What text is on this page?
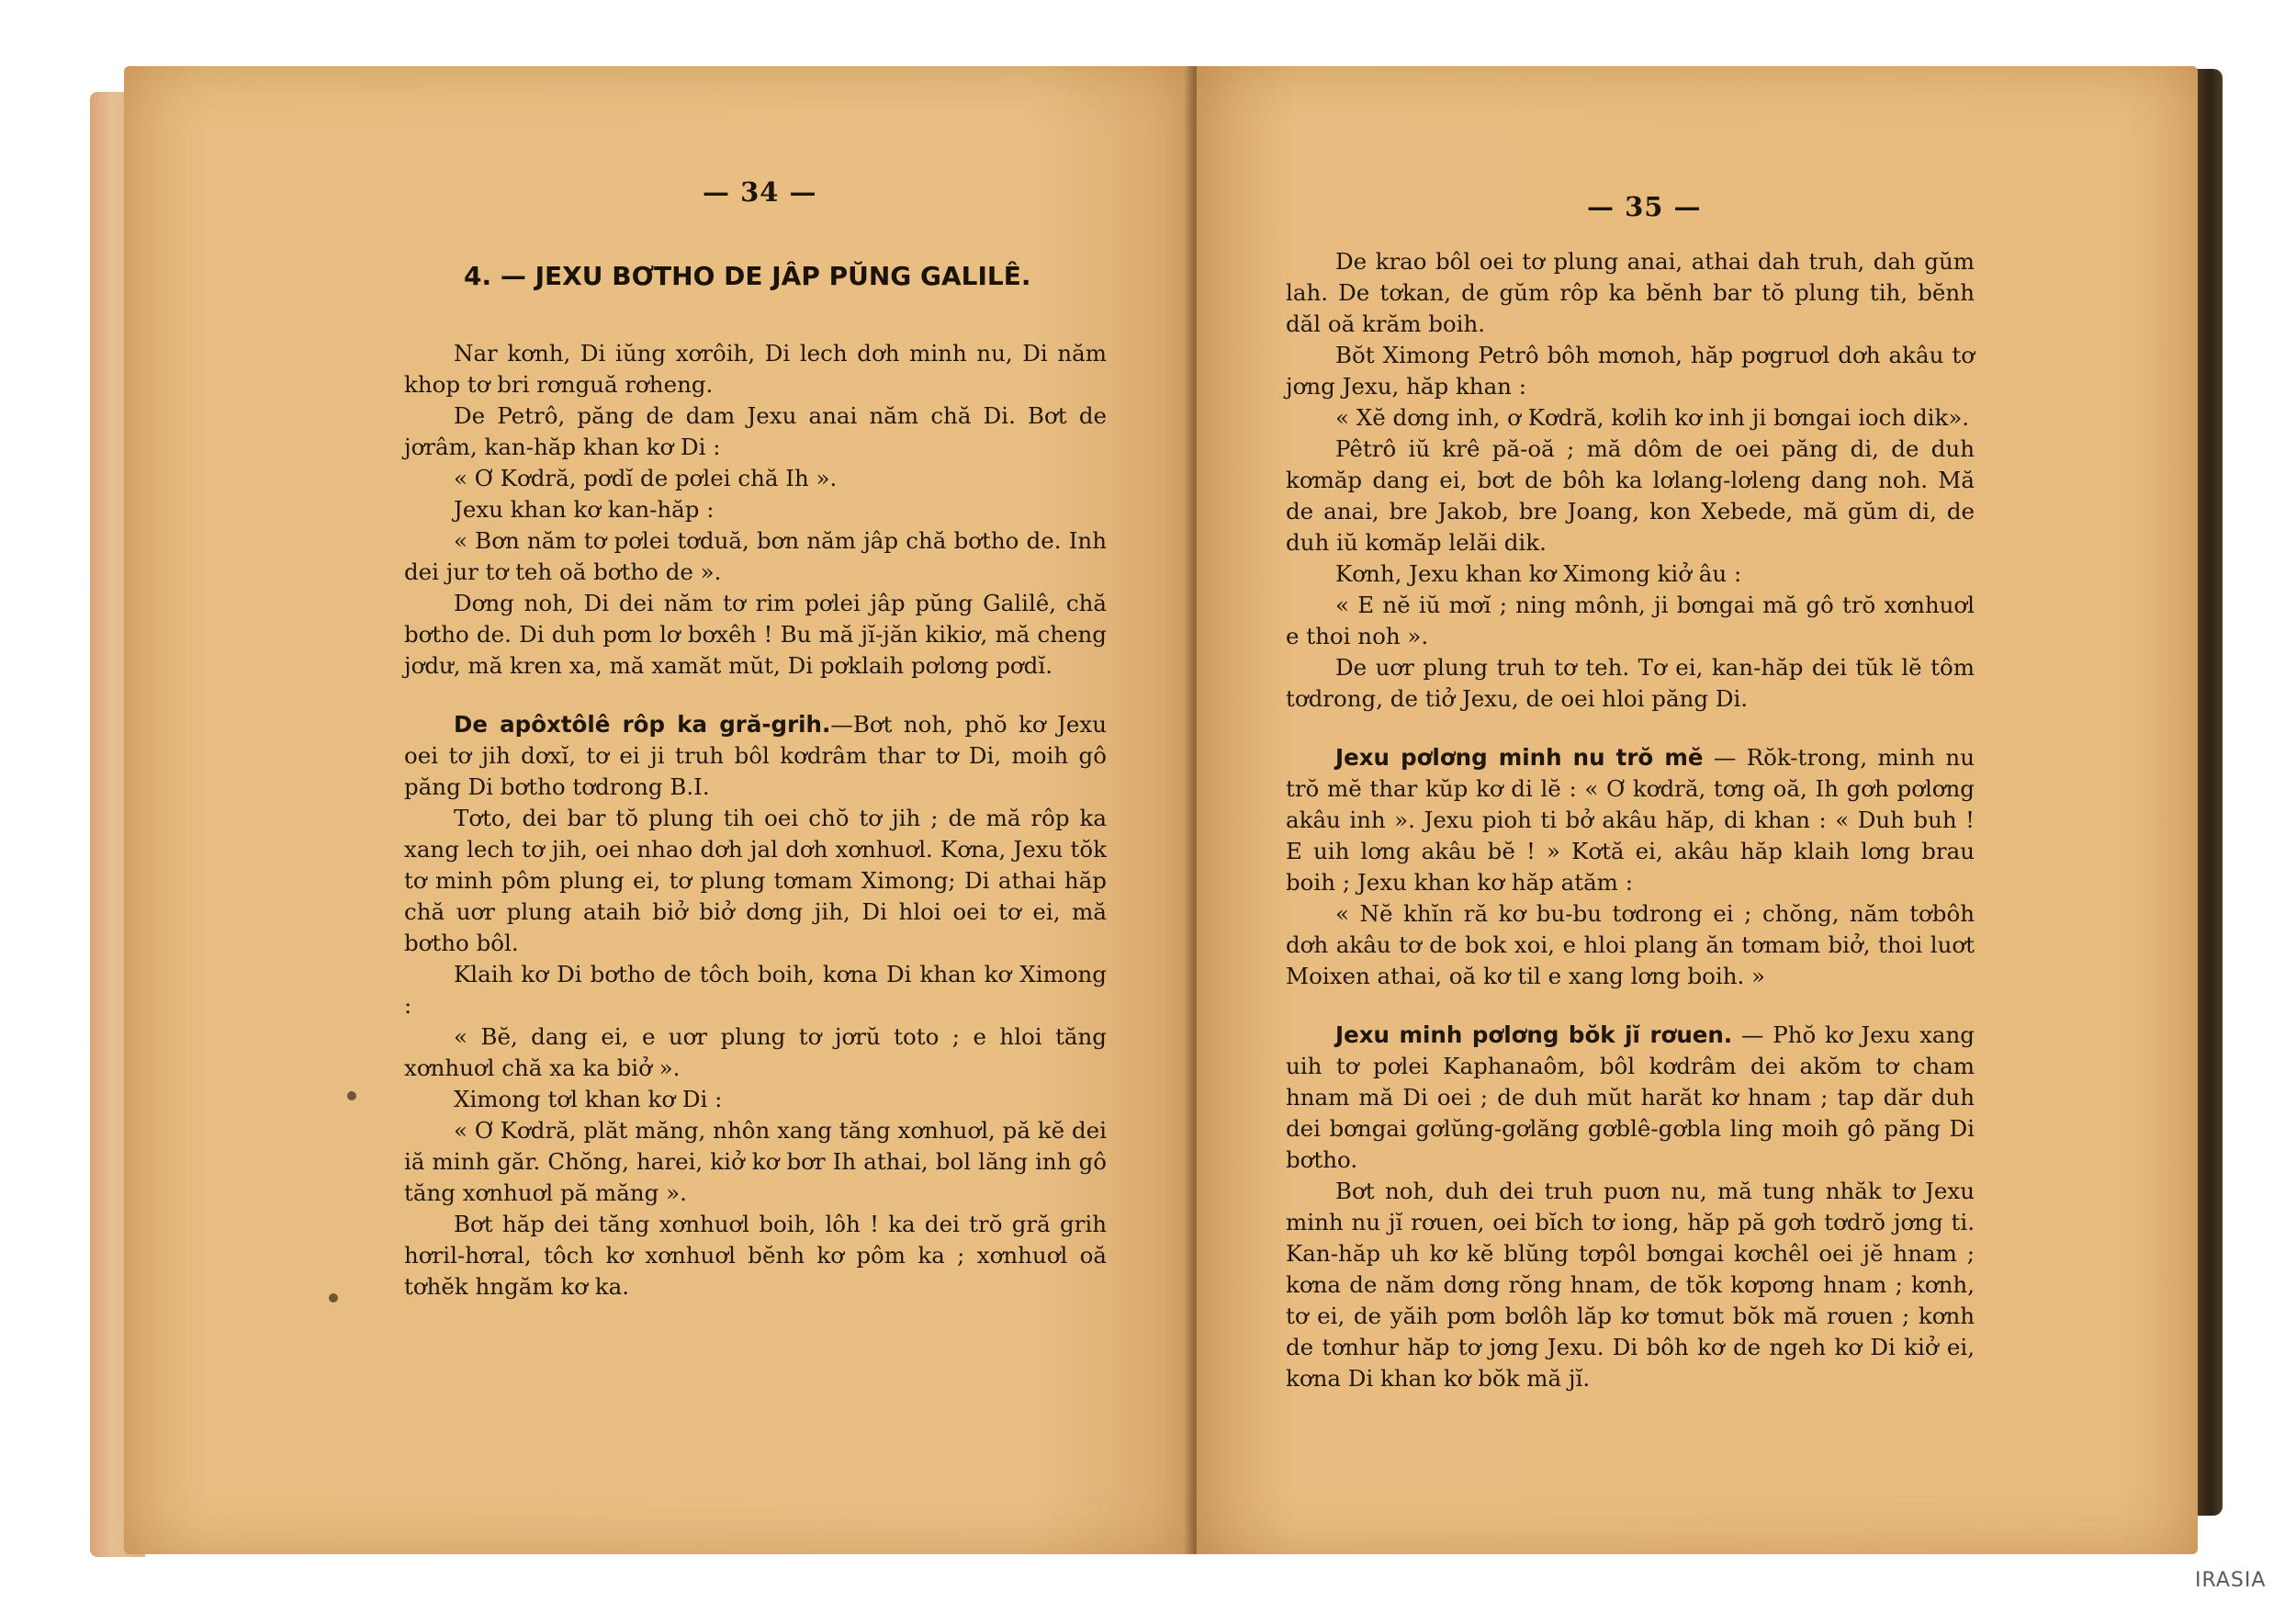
— 34 —
4. — JEXU BƠTHO DE JÂP PŬNG GALILÊ.

Nar kơnh, Di iŭng xơrôih, Di lech dơh minh nu, Di năm khop tơ bri rơnguă rơheng.

De Petrô, păng de dam Jexu anai năm chă Di. Bơt de jơrâm, kan-hăp khan kơ Di :

« Ơ Kơdră, pơdĭ de pơlei chă Ih ».

Jexu khan kơ kan-hăp :

« Bơn năm tơ pơlei tơduă, bơn năm jâp chă bơtho de. Inh dei jur tơ teh oă bơtho de ».

Dơng noh, Di dei năm tơ rim pơlei jâp pŭng Galilê, chă bơtho de. Di duh pơm lơ bơxêh ! Bu mă jĭ-jăn kikiơ, mă cheng jơdư, mă kren xa, mă xamăt mŭt, Di pơklaih pơlơng pơdĭ.

De apôxtôlê rôp ka gră-grih.—Bơt noh, phŏ kơ Jexu oei tơ jih dơxĭ, tơ ei ji truh bôl kơdrâm thar tơ Di, moih gô păng Di bơtho tơdrong B.I.

Tơto, dei bar tŏ plung tih oei chŏ tơ jih ; de mă rôp ka xang lech tơ jih, oei nhao dơh jal dơh xơnhuơl. Kơna, Jexu tŏk tơ minh pôm plung ei, tơ plung tơmam Ximong; Di athai hăp chă uơr plung ataih biở biở dơng jih, Di hloi oei tơ ei, mă bơtho bôl.

Klaih kơ Di bơtho de tôch boih, kơna Di khan kơ Ximong :

« Bĕ, dang ei, e uơr plung tơ jơrŭ toto ; e hloi tăng xơnhuơl chă xa ka biở ».

Ximong tơl khan kơ Di :

« Ơ Kơdră, plăt măng, nhôn xang tăng xơnhuơl, pă kĕ dei iă minh găr. Chŏng, harei, kiở kơ bơr Ih athai, bol lăng inh gô tăng xơnhuơl pă măng ».

Bơt hăp dei tăng xơnhuơl boih, lôh ! ka dei trŏ gră grih hơril-hơral, tôch kơ xơnhuơl bĕnh kơ pôm ka ; xơnhuơl oă tơhĕk hngăm kơ ka.

— 35 —

De krao bôl oei tơ plung anai, athai dah truh, dah gŭm lah. De tơkan, de gŭm rôp ka bĕnh bar tŏ plung tih, bĕnh dăl oă krăm boih.

Bŏt Ximong Petrô bôh mơnoh, hăp pơgruơl dơh akâu tơ jơng Jexu, hăp khan :

« Xĕ dơng inh, ơ Kơdră, kơlih kơ inh ji bơngai ioch dik».

Pêtrô iŭ krê pă-oă ; mă dôm de oei păng di, de duh kơmăp dang ei, bơt de bôh ka lơlang-lơleng dang noh. Mă de anai, bre Jakob, bre Joang, kon Xebede, mă gŭm di, de duh iŭ kơmăp lelăi dik.

Kơnh, Jexu khan kơ Ximong kiở âu :

« E nĕ iŭ mơĭ ; ning mônh, ji bơngai mă gô trŏ xơnhuơl e thoi noh ».

De uơr plung truh tơ teh. Tơ ei, kan-hăp dei tŭk lĕ tôm tơdrong, de tiở Jexu, de oei hloi păng Di.

Jexu pơlơng minh nu trŏ mĕ — Rŏk-trong, minh nu trŏ mĕ thar kŭp kơ di lĕ : « Ơ kơdră, tơng oă, Ih gơh pơlơng akâu inh ». Jexu pioh ti bở akâu hăp, di khan : « Duh buh ! E uih lơng akâu bĕ ! » Kơtă ei, akâu hăp klaih lơng brau boih ; Jexu khan kơ hăp atăm :

« Nĕ khĭn ră kơ bu-bu tơdrong ei ; chŏng, năm tơbôh dơh akâu tơ de bok xoi, e hloi plang ăn tơmam biở, thoi luơt Moixen athai, oă kơ til e xang lơng boih. »

Jexu minh pơlơng bŏk jĭ rơuen. — Phŏ kơ Jexu xang uih tơ pơlei Kaphanaôm, bôl kơdrâm dei akŏm tơ cham hnam mă Di oei ; de duh mŭt harăt kơ hnam ; tap dăr duh dei bơngai gơlŭng-gơlăng gơblê-gơbla ling moih gô păng Di bơtho.

Bơt noh, duh dei truh puơn nu, mă tung nhăk tơ Jexu minh nu jĭ rơuen, oei bĭch tơ iong, hăp pă gơh tơdrŏ jơng ti. Kan-hăp uh kơ kĕ blŭng tơpôl bơngai kơchêl oei jĕ hnam ; kơna de năm dơng rŏng hnam, de tŏk kơpơng hnam ; kơnh, tơ ei, de yăih pơm bơlôh lăp kơ tơmut bŏk mă rơuen ; kơnh de tơnhur hăp tơ jơng Jexu. Di bôh kơ de ngeh kơ Di kiở ei, kơna Di khan kơ bŏk mă jĭ.

IRASIA
